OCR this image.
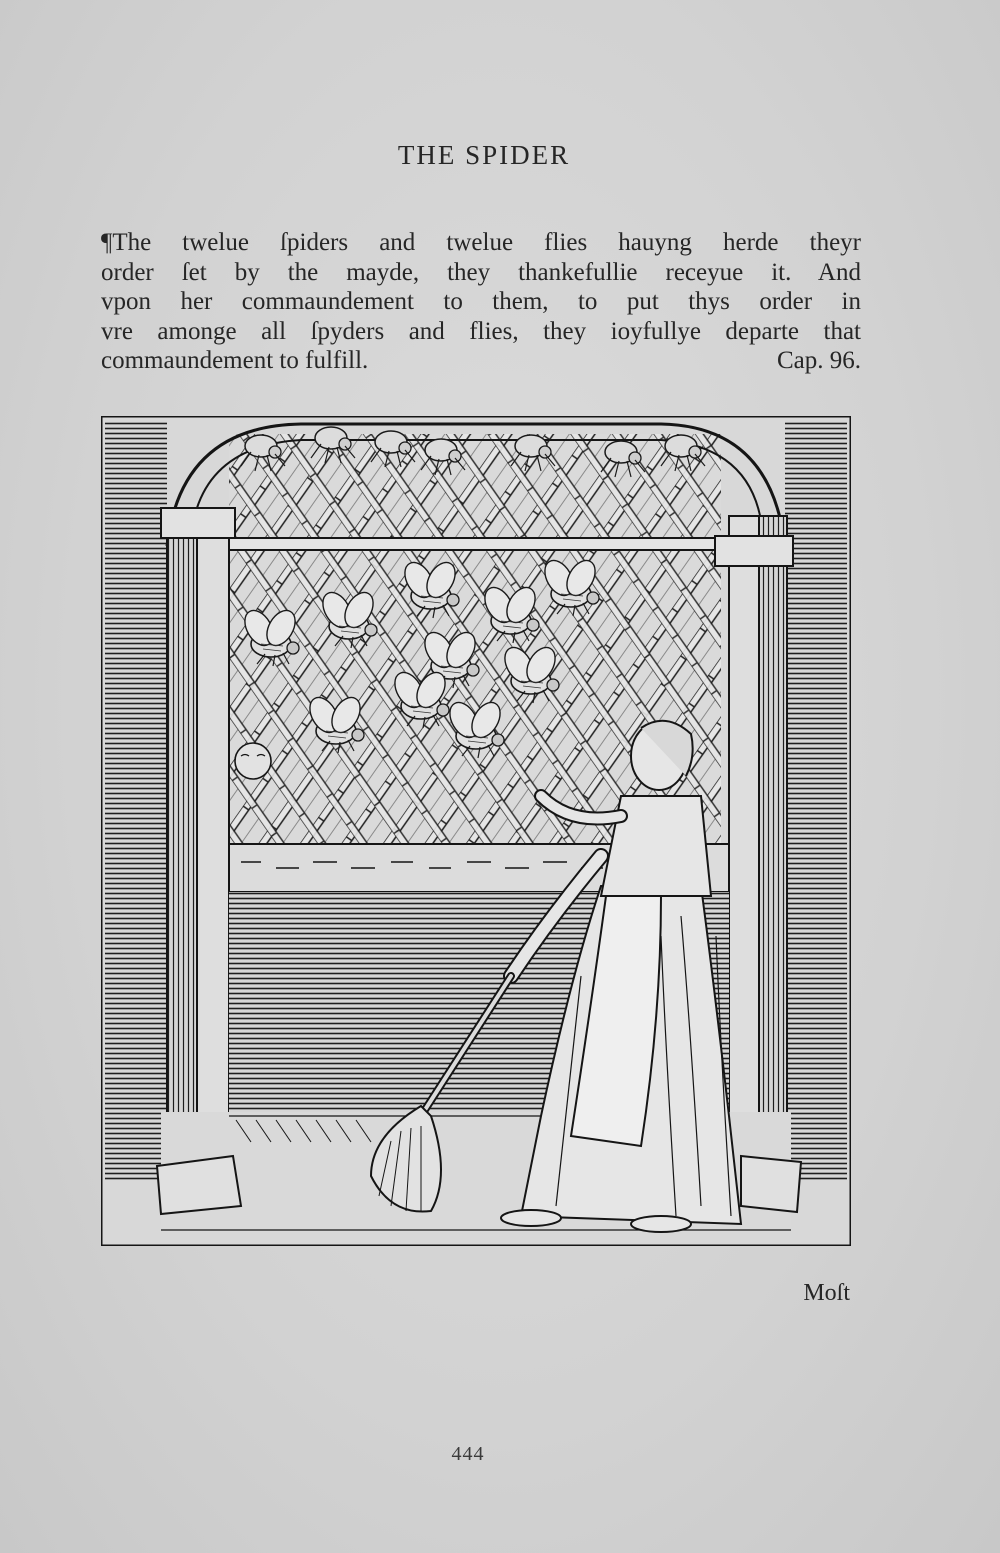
THE SPIDER
¶The twelue ſpiders and twelue flies hauyng herde theyr
order ſet by the mayde, they thankefullie receyue it. And
vpon her commaundement to them, to put thys order in
vre amonge all ſpyders and flies, they ioyfullye departe that
commaundement to fulfill.	Cap. 96.
Moſt
444
